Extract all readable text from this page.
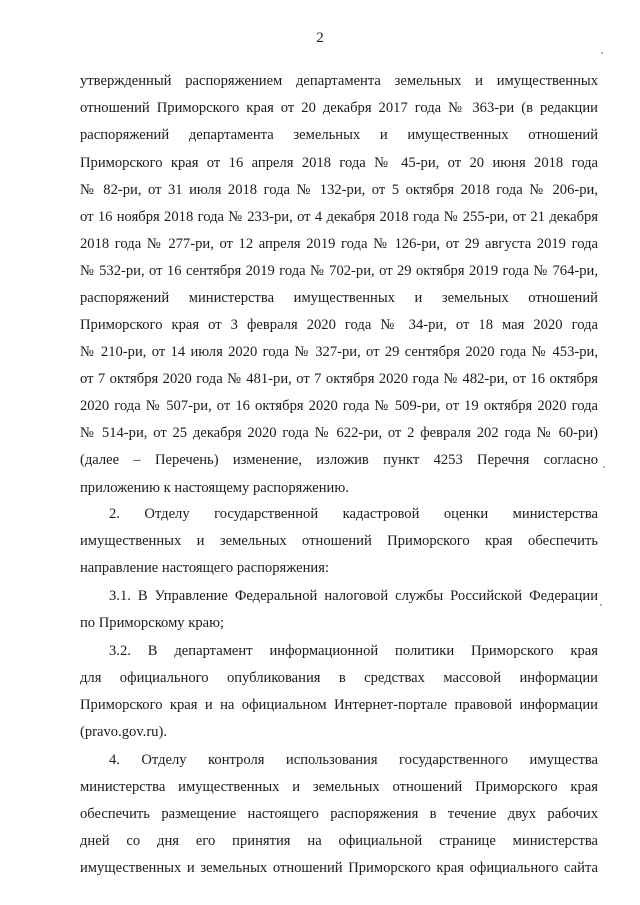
2
утвержденный распоряжением департамента земельных и имущественных
отношений Приморского края от 20 декабря 2017 года № 363-ри (в редакции
распоряжений департамента земельных и имущественных отношений
Приморского края от 16 апреля 2018 года № 45-ри, от 20 июня 2018 года
№ 82-ри, от 31 июля 2018 года № 132-ри, от 5 октября 2018 года № 206-ри,
от 16 ноября 2018 года № 233-ри, от 4 декабря 2018 года № 255-ри, от 21 декабря
2018 года № 277-ри, от 12 апреля 2019 года № 126-ри, от 29 августа 2019 года
№ 532-ри, от 16 сентября 2019 года № 702-ри, от 29 октября 2019 года № 764-ри,
распоряжений министерства имущественных и земельных отношений
Приморского края от 3 февраля 2020 года № 34-ри, от 18 мая 2020 года
№ 210-ри, от 14 июля 2020 года № 327-ри, от 29 сентября 2020 года № 453-ри,
от 7 октября 2020 года № 481-ри, от 7 октября 2020 года № 482-ри, от 16 октября
2020 года № 507-ри, от 16 октября 2020 года № 509-ри, от 19 октября 2020 года
№ 514-ри, от 25 декабря 2020 года № 622-ри, от 2 февраля 202 года № 60-ри)
(далее – Перечень) изменение, изложив пункт 4253 Перечня согласно
приложению к настоящему распоряжению.
2. Отделу государственной кадастровой оценки министерства
имущественных и земельных отношений Приморского края обеспечить
направление настоящего распоряжения:
3.1. В Управление Федеральной налоговой службы Российской Федерации
по Приморскому краю;
3.2. В департамент информационной политики Приморского края
для официального опубликования в средствах массовой информации
Приморского края и на официальном Интернет-портале правовой информации
(pravo.gov.ru).
4. Отделу контроля использования государственного имущества
министерства имущественных и земельных отношений Приморского края
обеспечить размещение настоящего распоряжения в течение двух рабочих
дней со дня его принятия на официальной странице министерства
имущественных и земельных отношений Приморского края официального сайта
